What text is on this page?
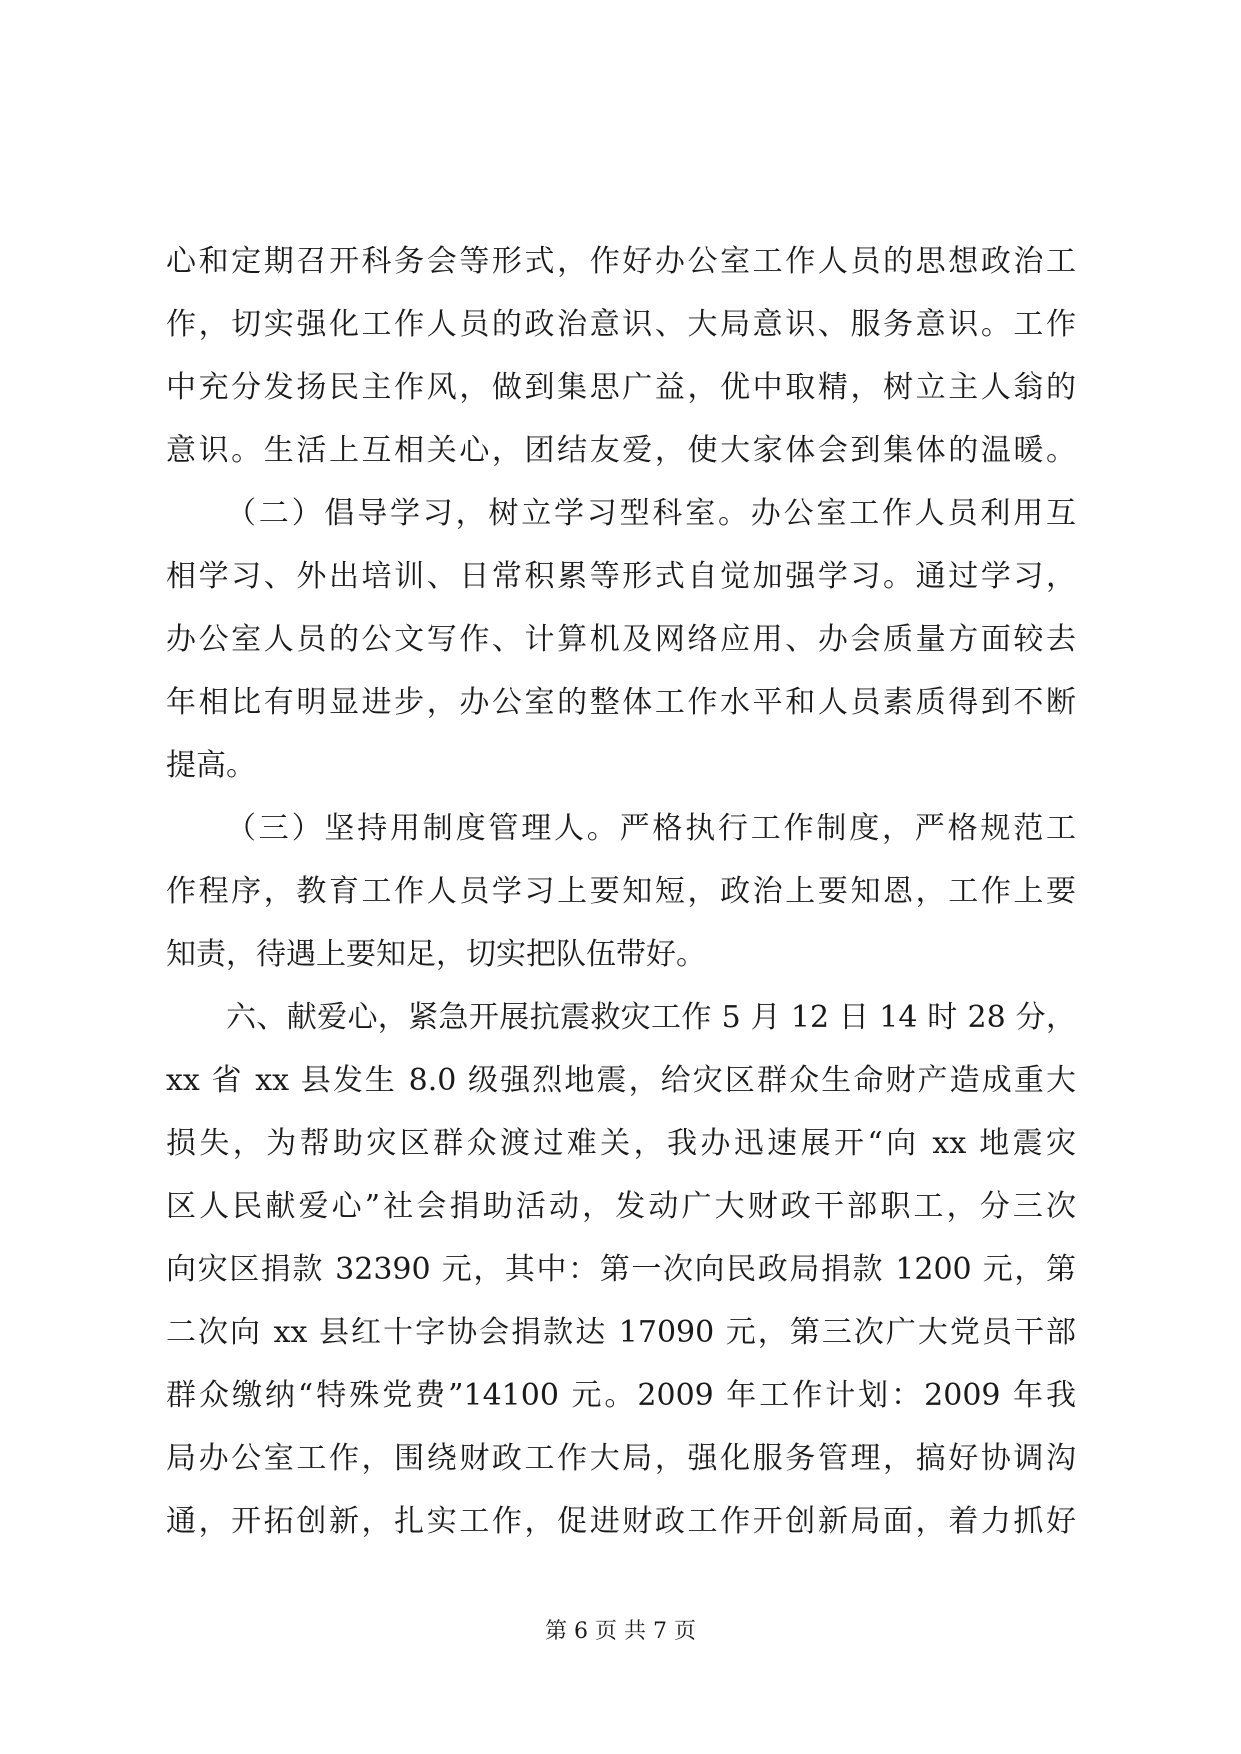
心和定期召开科务会等形式，作好办公室工作人员的思想政治工
作，切实强化工作人员的政治意识、大局意识、服务意识。工作
中充分发扬民主作风，做到集思广益，优中取精，树立主人翁的
意识。生活上互相关心，团结友爱，使大家体会到集体的温暖。
（二）倡导学习，树立学习型科室。办公室工作人员利用互
相学习、外出培训、日常积累等形式自觉加强学习。通过学习，
办公室人员的公文写作、计算机及网络应用、办会质量方面较去
年相比有明显进步，办公室的整体工作水平和人员素质得到不断
提高。
（三）坚持用制度管理人。严格执行工作制度，严格规范工
作程序，教育工作人员学习上要知短，政治上要知恩，工作上要
知责，待遇上要知足，切实把队伍带好。
六、献爱心，紧急开展抗震救灾工作 5 月 12 日 14 时 28 分，
xx 省 xx 县发生 8.0 级强烈地震，给灾区群众生命财产造成重大
损失，为帮助灾区群众渡过难关，我办迅速展开“向 xx 地震灾
区人民献爱心”社会捐助活动，发动广大财政干部职工，分三次
向灾区捐款 32390 元，其中：第一次向民政局捐款 1200 元，第
二次向 xx 县红十字协会捐款达 17090 元，第三次广大党员干部
群众缴纳“特殊党费”14100 元。2009 年工作计划：2009 年我
局办公室工作，围绕财政工作大局，强化服务管理，搞好协调沟
通，开拓创新，扎实工作，促进财政工作开创新局面，着力抓好
第 6 页 共 7 页
